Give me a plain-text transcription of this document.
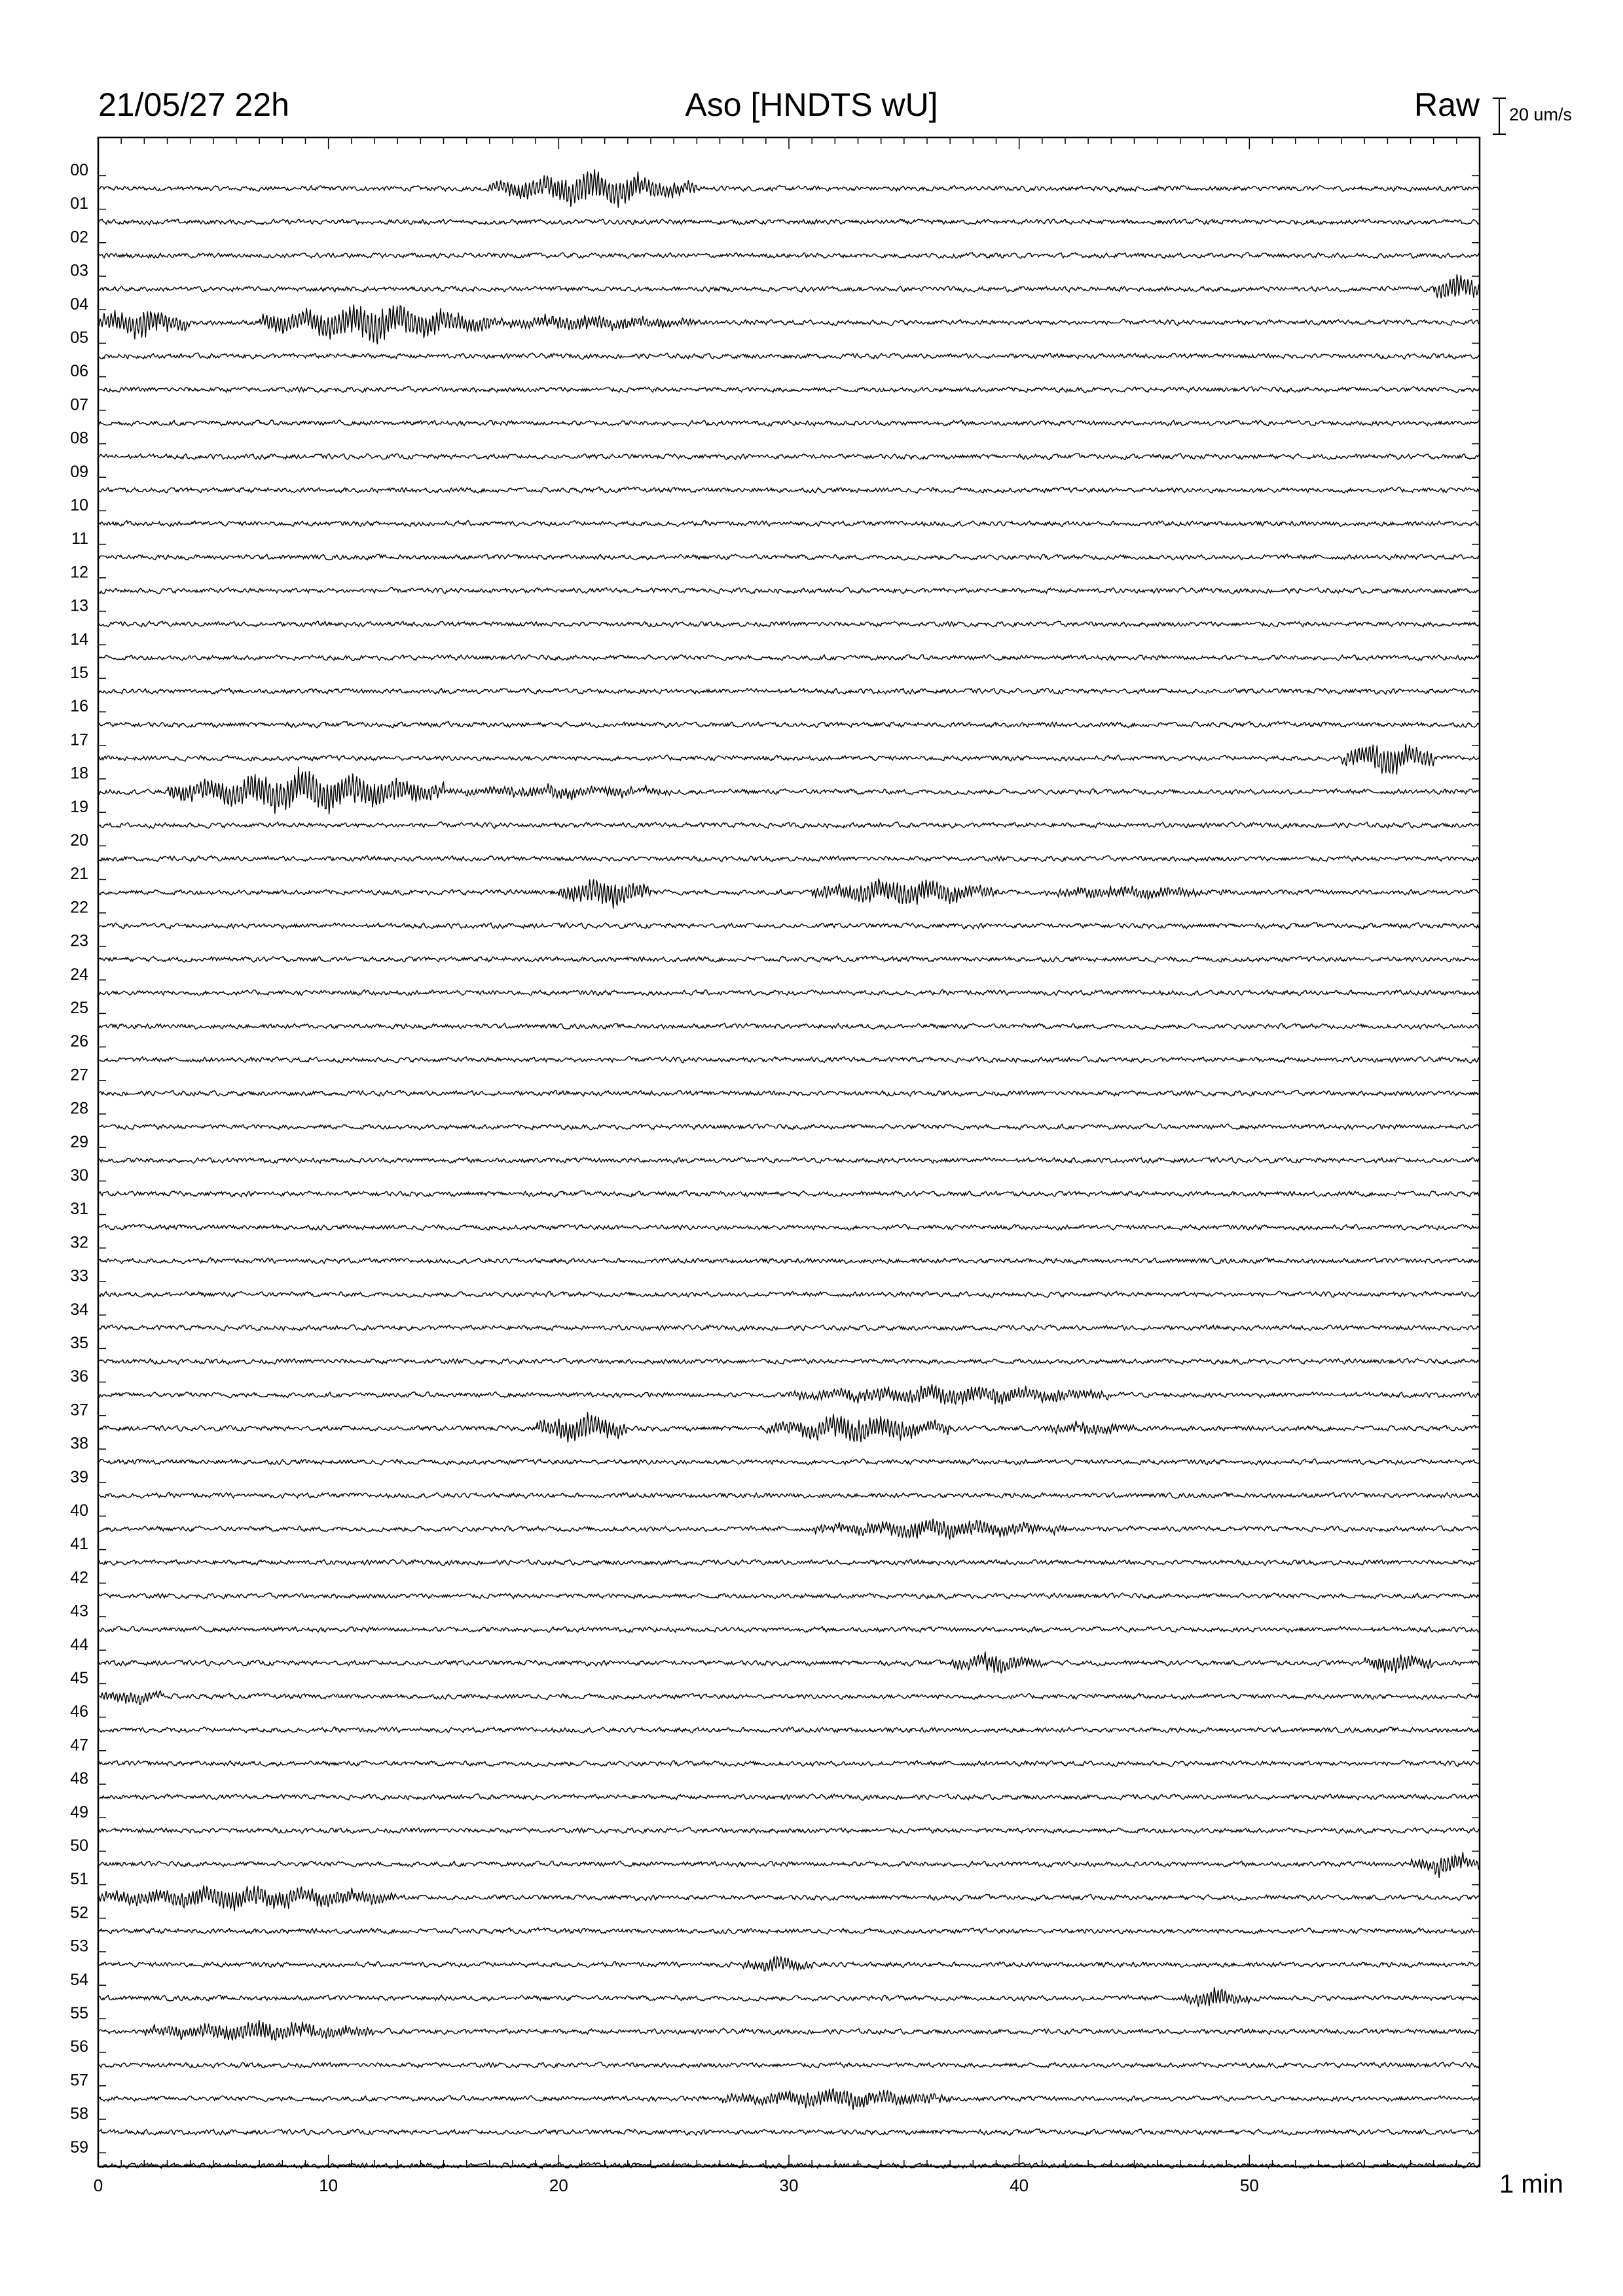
21/05/27 22h	Aso [HNDTS wU]	Raw 20 um/s
1 min
0	10	20	30	40	50
00
01
02
03
04
05
06
07
08
09
10
11
12
13
14
15
16
17
18
19
20
21
22
23
24
25
26
27
28
29
30
31
32
33
34
35
36
37
38
39
40
41
42
43
44
45
46
47
48
49
50
51
52
53
54
55
56
57
58
59
